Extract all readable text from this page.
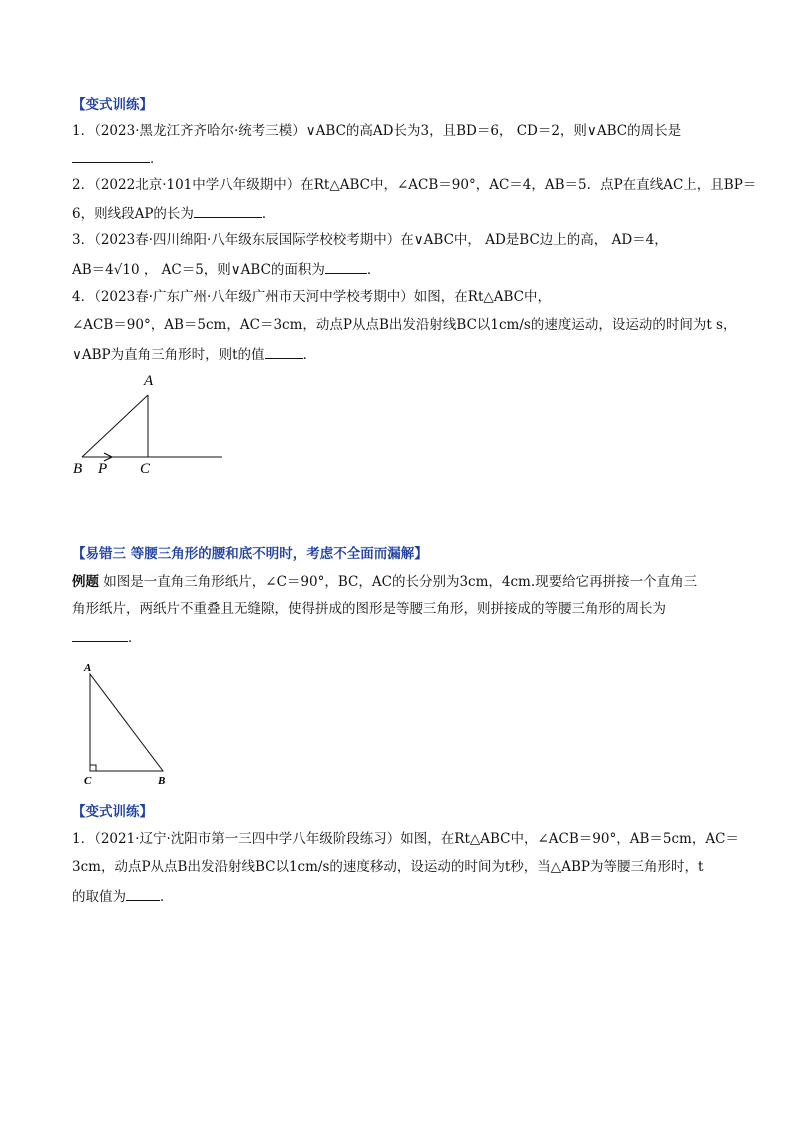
【变式训练】
1．（2023·黑龙江齐齐哈尔·统考三模）∨ABC的高AD长为3，且BD＝6， CD＝2，则∨ABC的周长是
．
2．（2022北京·101中学八年级期中）在Rt△ABC中，∠ACB＝90°，AC＝4，AB＝5．点P在直线AC上，且BP＝
6，则线段AP的长为	．
3．（2023春·四川绵阳·八年级东辰国际学校校考期中）在∨ABC中， AD是BC边上的高， AD＝4，
AB＝4√10 ， AC＝5，则∨ABC的面积为	．
4．（2023春·广东广州·八年级广州市天河中学校考期中）如图，在Rt△ABC中，
∠ACB＝90°，AB＝5cm，AC＝3cm，动点P从点B出发沿射线BC以1cm/s的速度运动，设运动的时间为t s，
∨ABP为直角三角形时，则t的值	．
A
B P C
【易错三 等腰三角形的腰和底不明时，考虑不全面而漏解】
例题 如图是一直角三角形纸片，∠C＝90°，BC，AC的长分别为3cm，4cm.现要给它再拼接一个直角三
角形纸片，两纸片不重叠且无缝隙，使得拼成的图形是等腰三角形，则拼接成的等腰三角形的周长为
．
A
C	B
【变式训练】
1．（2021·辽宁·沈阳市第一三四中学八年级阶段练习）如图，在Rt△ABC中，∠ACB＝90°，AB＝5cm，AC＝
3cm，动点P从点B出发沿射线BC以1cm/s的速度移动，设运动的时间为t秒，当△ABP为等腰三角形时，t
的取值为	．
